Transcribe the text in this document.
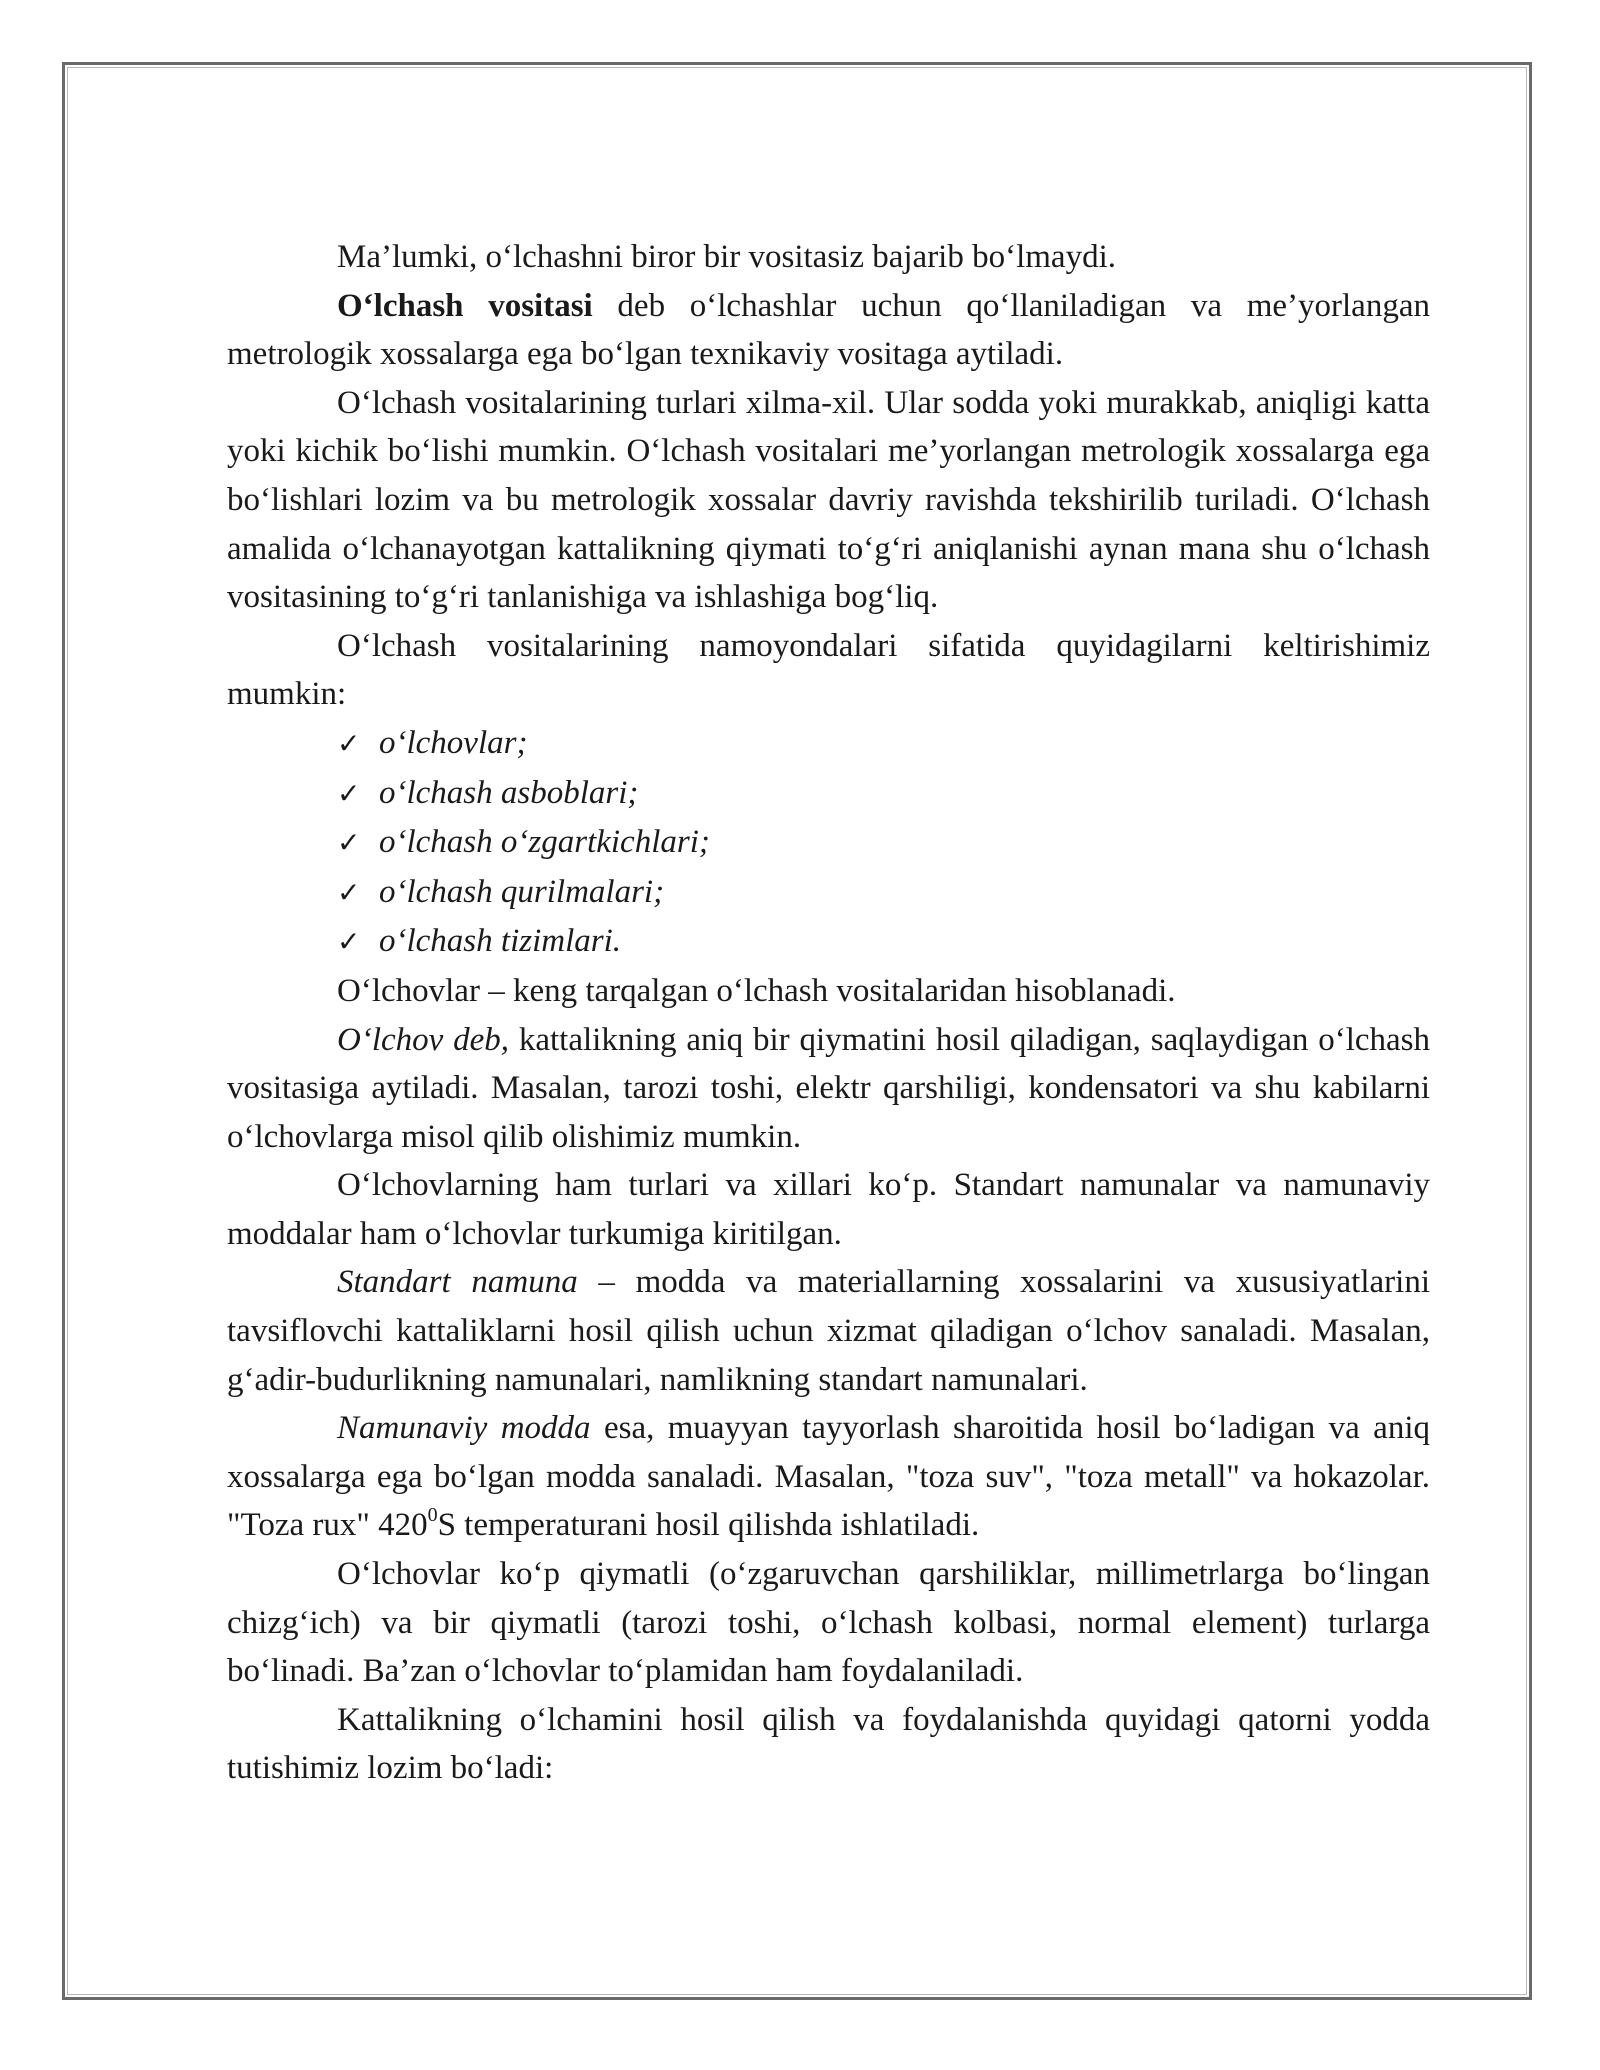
Ma’lumki, o‘lchashni biror bir vositasiz bajarib bo‘lmaydi.

O‘lchash vositasi deb o‘lchashlar uchun qo‘llaniladigan va me’yorlangan metrologik xossalarga ega bo‘lgan texnikaviy vositaga aytiladi.

O‘lchash vositalarining turlari xilma-xil. Ular sodda yoki murakkab, aniqligi katta yoki kichik bo‘lishi mumkin. O‘lchash vositalari me’yorlangan metrologik xossalarga ega bo‘lishlari lozim va bu metrologik xossalar davriy ravishda tekshirilib turiladi. O‘lchash amalida o‘lchanayotgan kattalikning qiymati to‘g‘ri aniqlanishi aynan mana shu o‘lchash vositasining to‘g‘ri tanlanishiga va ishlashiga bog‘liq.

O‘lchash vositalarining namoyondalari sifatida quyidagilarni keltirishimiz mumkin:

✓ o‘lchovlar;
✓ o‘lchash asboblari;
✓ o‘lchash o‘zgartkichlari;
✓ o‘lchash qurilmalari;
✓ o‘lchash tizimlari.

O‘lchovlar – keng tarqalgan o‘lchash vositalaridan hisoblanadi.

O‘lchov deb, kattalikning aniq bir qiymatini hosil qiladigan, saqlaydigan o‘lchash vositasiga aytiladi. Masalan, tarozi toshi, elektr qarshiligi, kondensatori va shu kabilarni o‘lchovlarga misol qilib olishimiz mumkin.

O‘lchovlarning ham turlari va xillari ko‘p. Standart namunalar va namunaviy moddalar ham o‘lchovlar turkumiga kiritilgan.

Standart namuna – modda va materiallarning xossalarini va xususiyatlarini tavsiflovchi kattaliklarni hosil qilish uchun xizmat qiladigan o‘lchov sanaladi. Masalan, g‘adir-budurlikning namunalari, namlikning standart namunalari.

Namunaviy modda esa, muayyan tayyorlash sharoitida hosil bo‘ladigan va aniq xossalarga ega bo‘lgan modda sanaladi. Masalan, "toza suv", "toza metall" va hokazolar. "Toza rux" $420^0S$ temperaturani hosil qilishda ishlatiladi.

O‘lchovlar ko‘p qiymatli (o‘zgaruvchan qarshiliklar, millimetrlarga bo‘lingan chizg‘ich) va bir qiymatli (tarozi toshi, o‘lchash kolbasi, normal element) turlarga bo‘linadi. Ba’zan o‘lchovlar to‘plamidan ham foydalaniladi.

Kattalikning o‘lchamini hosil qilish va foydalanishda quyidagi qatorni yodda tutishimiz lozim bo‘ladi:
